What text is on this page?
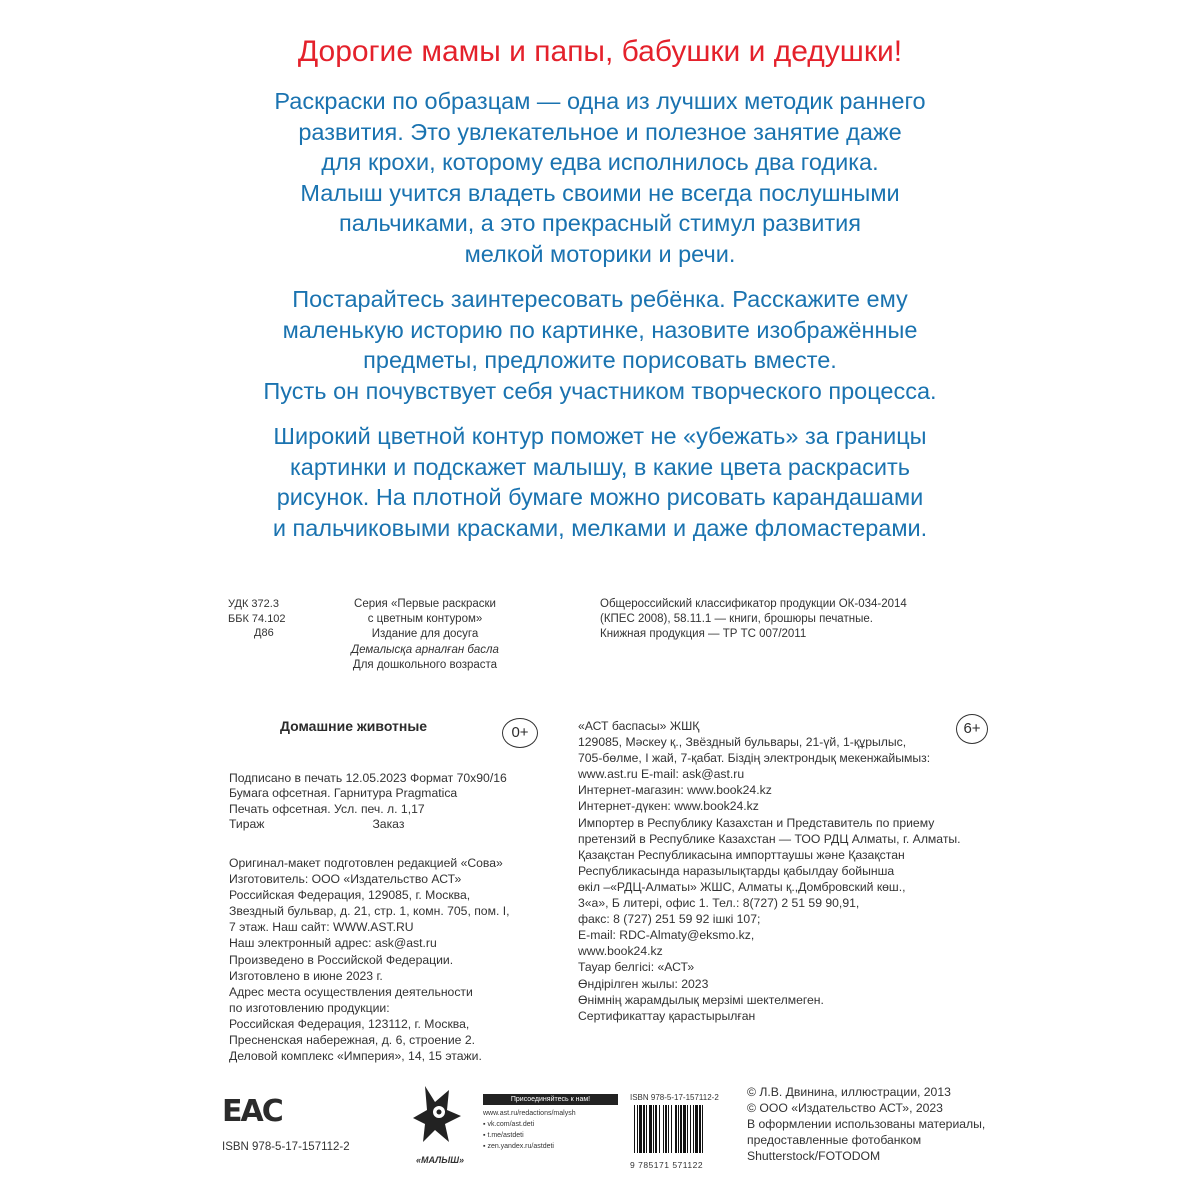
Дорогие мамы и папы, бабушки и дедушки!
Раскраски по образцам — одна из лучших методик раннего
развития. Это увлекательное и полезное занятие даже
для крохи, которому едва исполнилось два годика.
Малыш учится владеть своими не всегда послушными
пальчиками, а это прекрасный стимул развития
мелкой моторики и речи.
Постарайтесь заинтересовать ребёнка. Расскажите ему
маленькую историю по картинке, назовите изображённые
предметы, предложите порисовать вместе.
Пусть он почувствует себя участником творческого процесса.
Широкий цветной контур поможет не «убежать» за границы
картинки и подскажет малышу, в какие цвета раскрасить
рисунок. На плотной бумаге можно рисовать карандашами
и пальчиковыми красками, мелками и даже фломастерами.
УДК 372.3
ББК 74.102
Д86
Серия «Первые раскраски
с цветным контуром»
Издание для досуга
Демалысқа арналған басла
Для дошкольного возраста
Общероссийский классификатор продукции ОК-034-2014
(КПЕС 2008), 58.11.1 — книги, брошюры печатные.
Книжная продукция — ТР ТС 007/2011
Домашние животные	0+	6+
Подписано в печать 12.05.2023 Формат 70х90/16
Бумага офсетная. Гарнитура Pragmatica
Печать офсетная. Усл. печ. л. 1,17
Тираж	Заказ
Оригинал-макет подготовлен редакцией «Сова»
Изготовитель: ООО «Издательство АСТ»
Российская Федерация, 129085, г. Москва,
Звездный бульвар, д. 21, стр. 1, комн. 705, пом. I,
7 этаж. Наш сайт: WWW.AST.RU
Наш электронный адрес: ask@ast.ru
Произведено в Российской Федерации.
Изготовлено в июне 2023 г.
Адрес места осуществления деятельности
по изготовлению продукции:
Российская Федерация, 123112, г. Москва,
Пресненская набережная, д. 6, строение 2.
Деловой комплекс «Империя», 14, 15 этажи.
«АСТ баспасы» ЖШҚ
129085, Мәскеу қ., Звёздный бульвары, 21-үй, 1-құрылыс,
705-бөлме, I жай, 7-қабат. Біздің электрондық мекенжайымыз:
www.ast.ru E-mail: ask@ast.ru
Интернет-магазин: www.book24.kz
Интернет-дүкен: www.book24.kz
Импортер в Республику Казахстан и Представитель по приему
претензий в Республике Казахстан — ТОО РДЦ Алматы, г. Алматы.
Қазақстан Республикасына импорттаушы және Қазақстан
Республикасында наразылықтарды қабылдау бойынша
өкіл –«РДЦ-Алматы» ЖШС, Алматы қ.,Домбровский көш.,
3«а», Б литері, офис 1. Тел.: 8(727) 2 51 59 90,91,
факс: 8 (727) 251 59 92 ішкі 107;
E-mail: RDC-Almaty@eksmo.kz,
www.book24.kz
Тауар белгісі: «АСТ»
Өндірілген жылы: 2023
Өнімнің жарамдылық мерзімі шектелмеген.
Сертификаттау қарастырылған
EAC
ISBN 978-5-17-157112-2
«МАЛЫШ»
Присоединяйтесь к нам!
www.ast.ru/redactions/malysh
▪ vk.com/ast.deti
▪ t.me/astdeti
▪ zen.yandex.ru/astdeti
ISBN 978-5-17-157112-2
9 785171 571122
© Л.В. Двинина, иллюстрации, 2013
© ООО «Издательство АСТ», 2023
В оформлении использованы материалы,
предоставленные фотобанком
Shutterstock/FOTODOM
